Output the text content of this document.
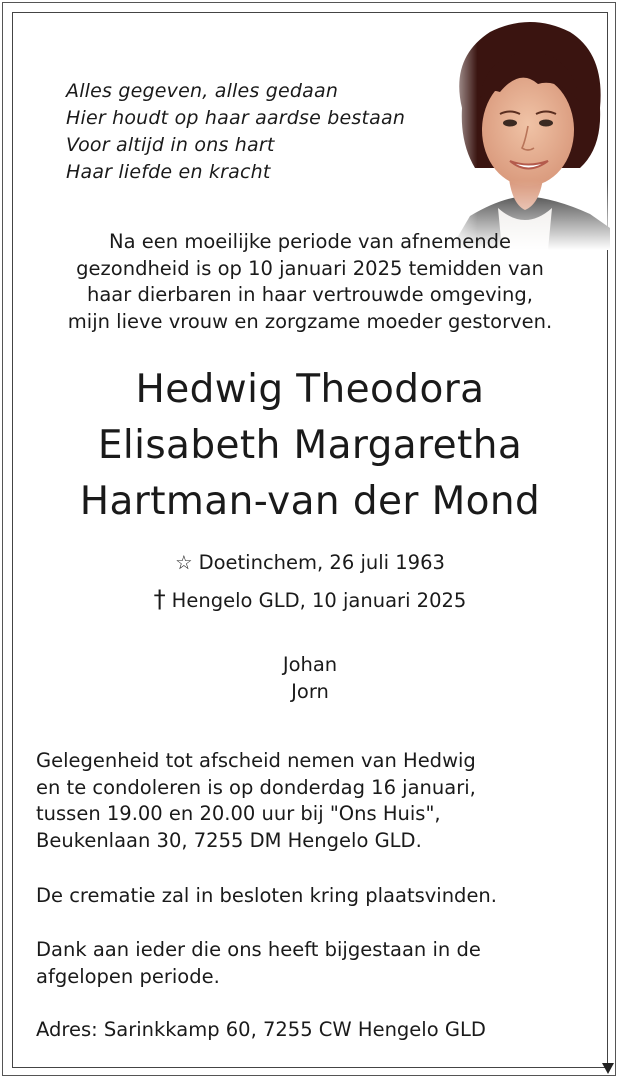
Alles gegeven, alles gedaan
Hier houdt op haar aardse bestaan
Voor altijd in ons hart
Haar liefde en kracht
Na een moeilijke periode van afnemende
gezondheid is op 10 januari 2025 temidden van
haar dierbaren in haar vertrouwde omgeving,
mijn lieve vrouw en zorgzame moeder gestorven.
Hedwig Theodora
Elisabeth Margaretha
Hartman-van der Mond
☆ Doetinchem, 26 juli 1963
† Hengelo GLD, 10 januari 2025
Johan
Jorn
Gelegenheid tot afscheid nemen van Hedwig
en te condoleren is op donderdag 16 januari,
tussen 19.00 en 20.00 uur bij "Ons Huis",
Beukenlaan 30, 7255 DM Hengelo GLD.
De crematie zal in besloten kring plaatsvinden.
Dank aan ieder die ons heeft bijgestaan in de
afgelopen periode.
Adres: Sarinkkamp 60, 7255 CW Hengelo GLD
